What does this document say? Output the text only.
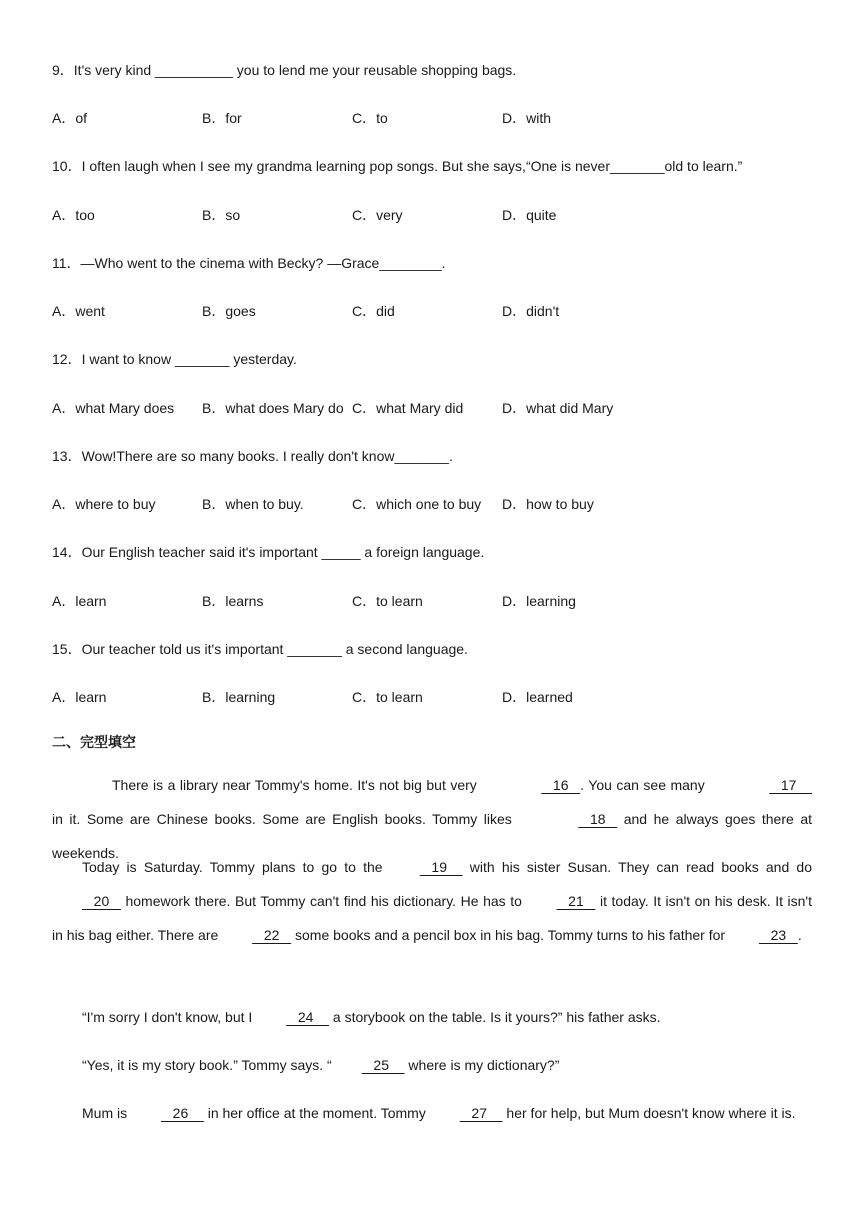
9．It's very kind __________ you to lend me your reusable shopping bags.

A．of	B．for	C．to	D．with

10．I often laugh when I see my grandma learning pop songs. But she says,“One is never_______old to learn.”

A．too	B．so	C．very	D．quite

11．—Who went to the cinema with Becky? —Grace________.

A．went	B．goes	C．did	D．didn't

12．I want to know _______ yesterday.

A．what Mary does B．what does Mary do C．what Mary did	D．what did Mary

13．Wow!There are so many books. I really don't know_______.

A．where to buy	B．when to buy.	C．which one to buy D．how to buy

14．Our English teacher said it's important _____ a foreign language.

A．learn	B．learns	C．to learn	D．learning

15．Our teacher told us it's important _______ a second language.

A．learn	B．learning	C．to learn	D．learned
二、完型填空

There is a library near Tommy's home. It's not big but very	16   . You can see many	17     in it. Some are Chinese books. Some are English books. Tommy likes	18    and he always goes there at weekends.

Today is Saturday. Tommy plans to go to the    19     with his sister Susan. They can read books and do    20    homework there. But Tommy can't find his dictionary. He has to    21    it today. It isn't on his desk. It isn't in his bag either. There are    22    some books and a pencil box in his bag. Tommy turns to his father for    23   .

“I'm sorry I don't know, but I    24     a storybook on the table. Is it yours?” his father asks.

“Yes, it is my story book.” Tommy says. “   25     where is my dictionary?”

Mum is    26     in her office at the moment. Tommy    27     her for help, but Mum doesn't know where it is.
